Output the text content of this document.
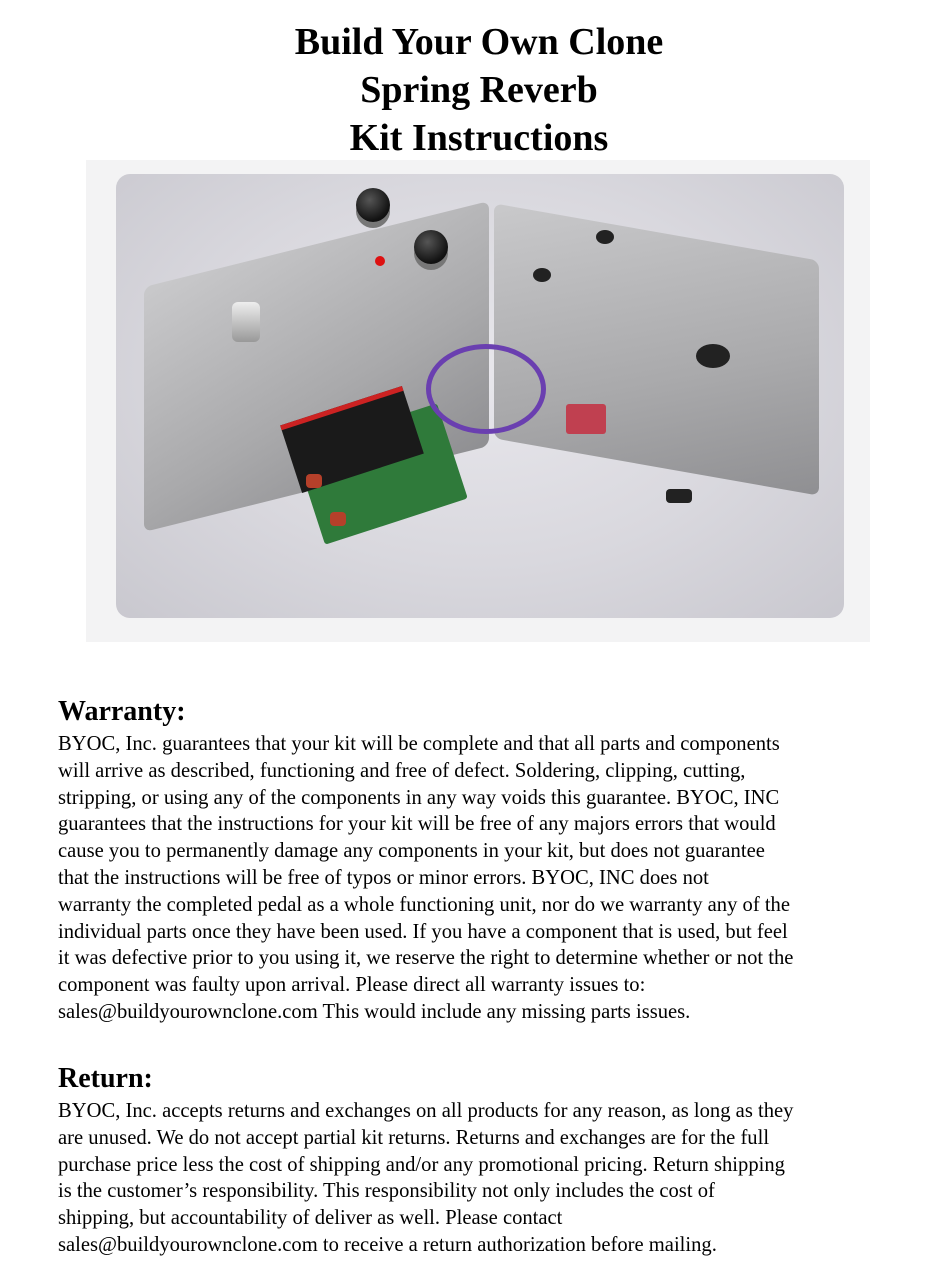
Build Your Own Clone
Spring Reverb
Kit Instructions
Warranty:
BYOC, Inc. guarantees that your kit will be complete and that all parts and components
will arrive as described, functioning and free of defect. Soldering, clipping, cutting,
stripping, or using any of the components in any way voids this guarantee. BYOC, INC
guarantees that the instructions for your kit will be free of any majors errors that would
cause you to permanently damage any components in your kit, but does not guarantee
that the instructions will be free of typos or minor errors. BYOC, INC does not
warranty the completed pedal as a whole functioning unit, nor do we warranty any of the
individual parts once they have been used. If you have a component that is used, but feel
it was defective prior to you using it, we reserve the right to determine whether or not the
component was faulty upon arrival. Please direct all warranty issues to:
sales@buildyourownclone.com This would include any missing parts issues.
Return:
BYOC, Inc. accepts returns and exchanges on all products for any reason, as long as they
are unused. We do not accept partial kit returns. Returns and exchanges are for the full
purchase price less the cost of shipping and/or any promotional pricing. Return shipping
is the customer’s responsibility. This responsibility not only includes the cost of
shipping, but accountability of deliver as well. Please contact
sales@buildyourownclone.com to receive a return authorization before mailing.
